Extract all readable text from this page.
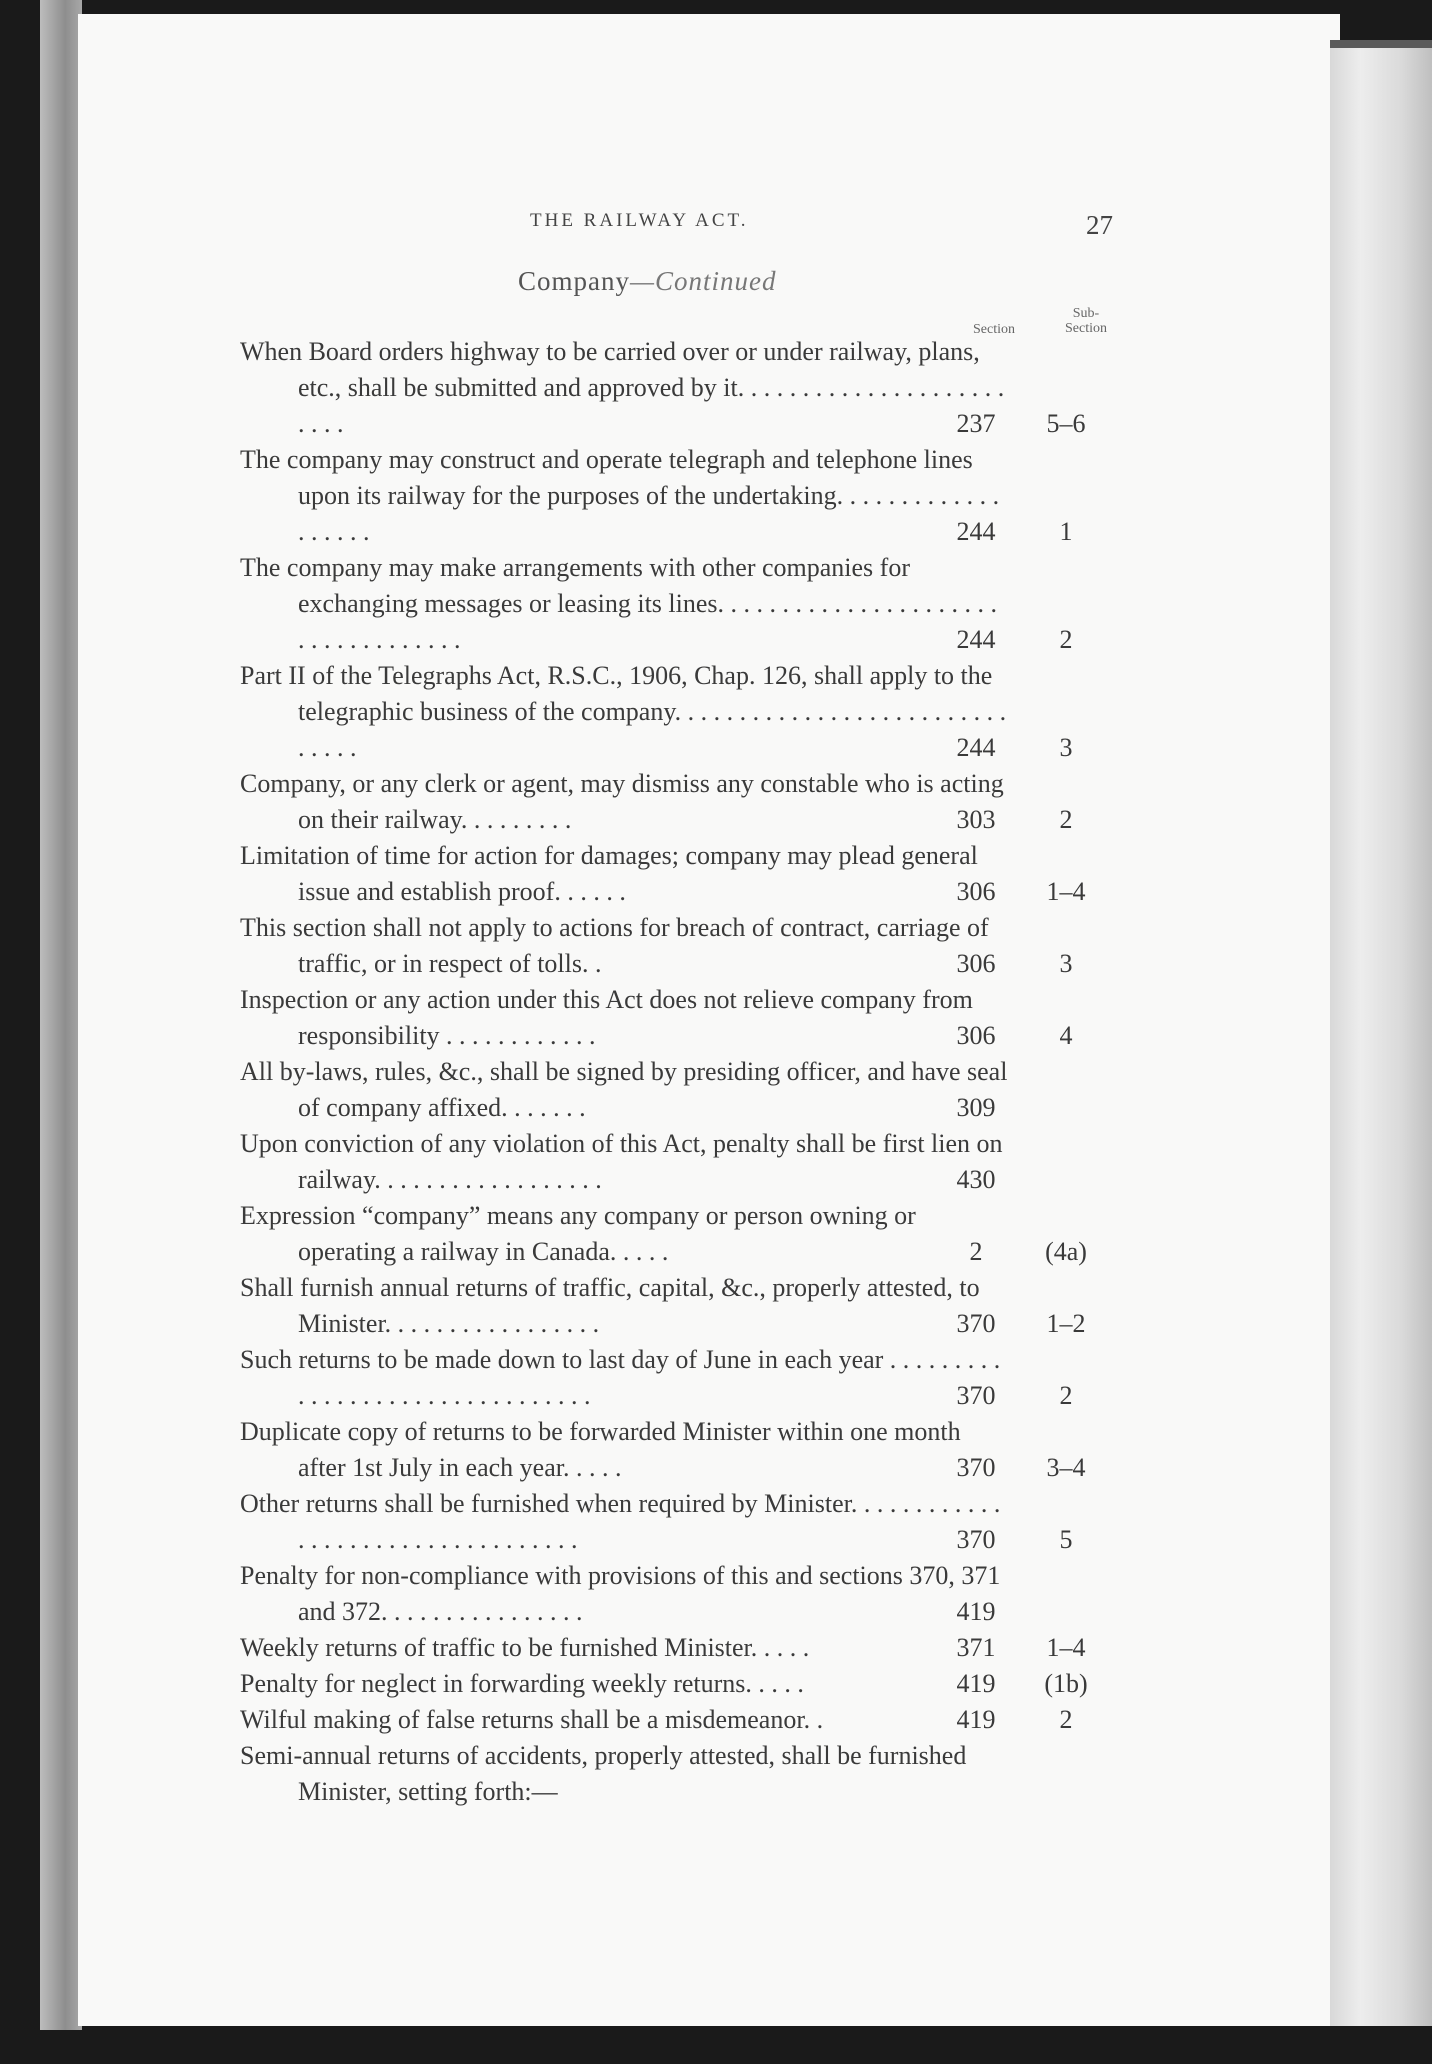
THE RAILWAY ACT.	27
Company—Continued
Section
Sub-Section
When Board orders highway to be carried over or under railway, plans, etc., shall be submitted and approved by it. . . . . . . . . . . . . . . . . . . . . . . . .	237	5–6
The company may construct and operate telegraph and telephone lines upon its railway for the purposes of the undertaking. . . . . . . . . . . . . . . . . . .	244	1
The company may make arrangements with other companies for exchanging messages or leasing its lines. . . . . . . . . . . . . . . . . . . . . . . . . . . . . . . . . . .	244	2
Part II of the Telegraphs Act, R.S.C., 1906, Chap. 126, shall apply to the telegraphic business of the company. . . . . . . . . . . . . . . . . . . . . . . . . . . . . . .	244	3
Company, or any clerk or agent, may dismiss any constable who is acting on their railway. . . . . . . . .	303	2
Limitation of time for action for damages; company may plead general issue and establish proof. . . . . .	306	1–4
This section shall not apply to actions for breach of contract, carriage of traffic, or in respect of tolls. .	306	3
Inspection or any action under this Act does not relieve company from responsibility . . . . . . . . . . . .	306	4
All by-laws, rules, &c., shall be signed by presiding officer, and have seal of company affixed. . . . . . .	309
Upon conviction of any violation of this Act, penalty shall be first lien on railway. . . . . . . . . . . . . . . . . .	430
Expression “company” means any company or person owning or operating a railway in Canada. . . . .	2	(4a)
Shall furnish annual returns of traffic, capital, &c., properly attested, to Minister. . . . . . . . . . . . . . . . .	370	1–2
Such returns to be made down to last day of June in each year . . . . . . . . . . . . . . . . . . . . . . . . . . . . . . . .	370	2
Duplicate copy of returns to be forwarded Minister within one month after 1st July in each year. . . . .	370	3–4
Other returns shall be furnished when required by Minister. . . . . . . . . . . . . . . . . . . . . . . . . . . . . . . . . .	370	5
Penalty for non-compliance with provisions of this and sections 370, 371 and 372. . . . . . . . . . . . . . . .	419
Weekly returns of traffic to be furnished Minister. . . . .	371	1–4
Penalty for neglect in forwarding weekly returns. . . . .	419	(1b)
Wilful making of false returns shall be a misdemeanor. .	419	2
Semi-annual returns of accidents, properly attested, shall be furnished Minister, setting forth:—
